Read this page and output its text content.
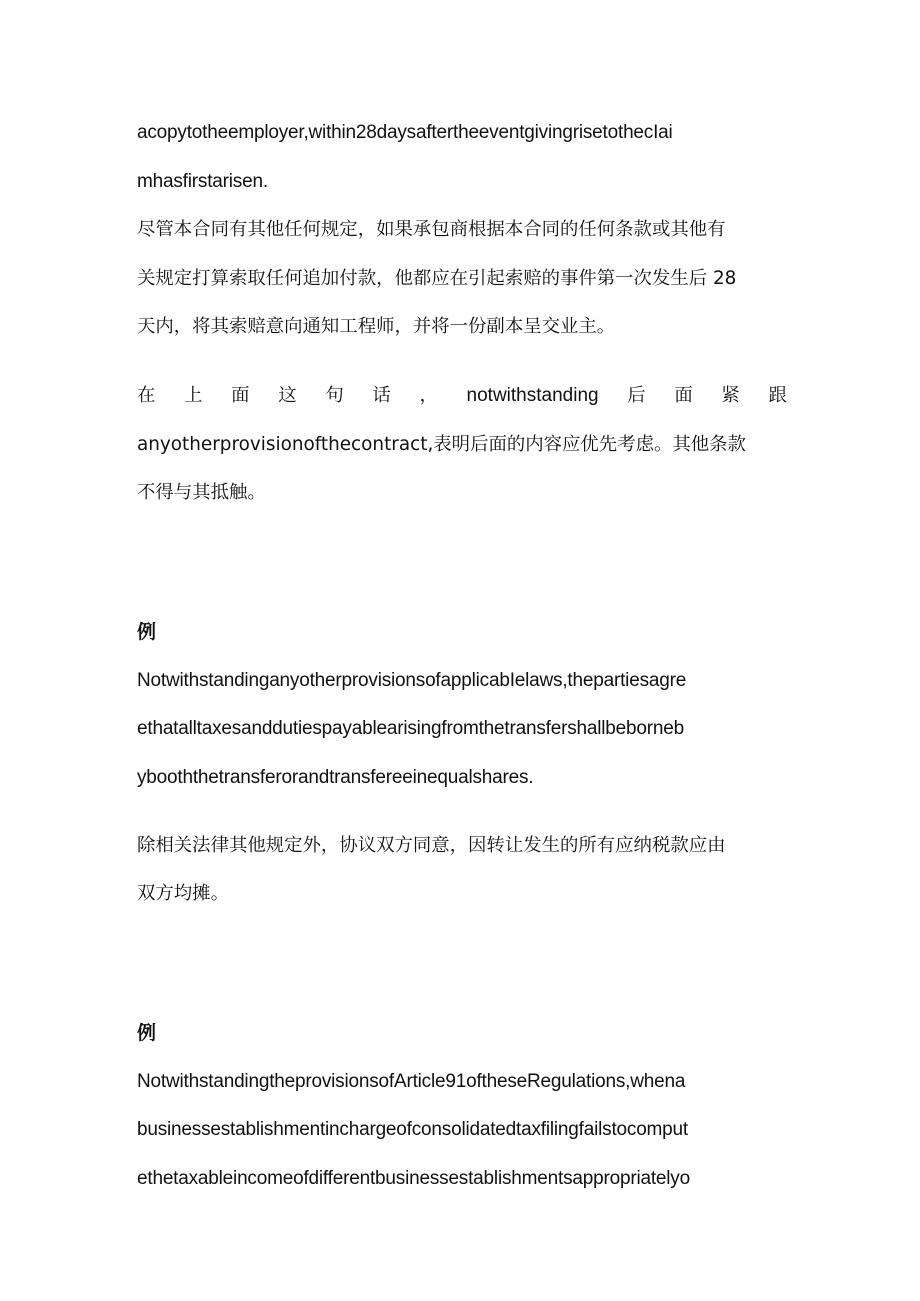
acopytotheemployer,within28daysaftertheeventgivingrisetothecIai
mhasfirstarisen.
尽管本合同有其他任何规定，如果承包商根据本合同的任何条款或其他有
关规定打算索取任何追加付款，他都应在引起索赔的事件第一次发生后 28
天内，将其索赔意向通知工程师，并将一份副本呈交业主。
在 上 面 这 句 话 ， notwithstanding 后 面 紧 跟
anyotherprovisionofthecontract,表明后面的内容应优先考虑。其他条款
不得与其抵触。
例
NotwithstandinganyotherprovisionsofapplicabIelaws,thepartiesagre
ethatalltaxesanddutiespayablearisingfromthetransfershallbeborneb
ybooththetransferorandtransfereeinequalshares.
除相关法律其他规定外，协议双方同意，因转让发生的所有应纳税款应由
双方均摊。
例
NotwithstandingtheprovisionsofArticle91oftheseRegulations,whena
businessestablishmentinchargeofconsolidatedtaxfilingfailstocomput
ethetaxableincomeofdifferentbusinessestablishmentsappropriatelyo
